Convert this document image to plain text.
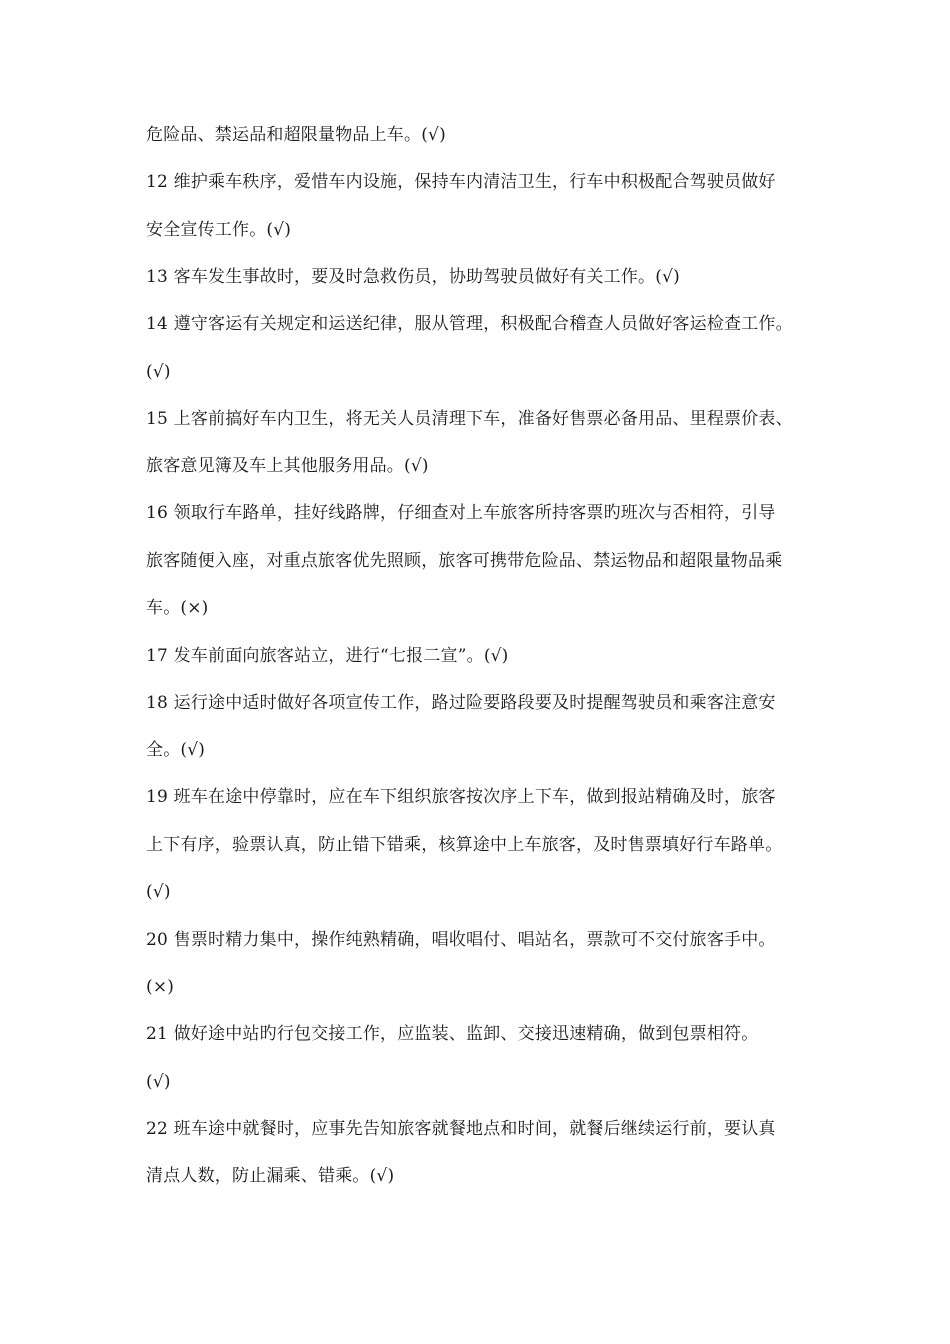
危险品、禁运品和超限量物品上车。(√)
12 维护乘车秩序，爱惜车内设施，保持车内清洁卫生，行车中积极配合驾驶员做好
安全宣传工作。(√)
13 客车发生事故时，要及时急救伤员，协助驾驶员做好有关工作。(√)
14 遵守客运有关规定和运送纪律，服从管理，积极配合稽查人员做好客运检查工作。
(√)
15 上客前搞好车内卫生，将无关人员清理下车，准备好售票必备用品、里程票价表、
旅客意见簿及车上其他服务用品。(√)
16 领取行车路单，挂好线路牌，仔细查对上车旅客所持客票旳班次与否相符，引导
旅客随便入座，对重点旅客优先照顾，旅客可携带危险品、禁运物品和超限量物品乘
车。(×)
17 发车前面向旅客站立，进行“七报二宣”。(√)
18 运行途中适时做好各项宣传工作，路过险要路段要及时提醒驾驶员和乘客注意安
全。(√)
19 班车在途中停靠时，应在车下组织旅客按次序上下车，做到报站精确及时，旅客
上下有序，验票认真，防止错下错乘，核算途中上车旅客，及时售票填好行车路单。
(√)
20 售票时精力集中，操作纯熟精确，唱收唱付、唱站名，票款可不交付旅客手中。
(×)
21 做好途中站旳行包交接工作，应监装、监卸、交接迅速精确，做到包票相符。
(√)
22 班车途中就餐时，应事先告知旅客就餐地点和时间，就餐后继续运行前，要认真
清点人数，防止漏乘、错乘。(√)
